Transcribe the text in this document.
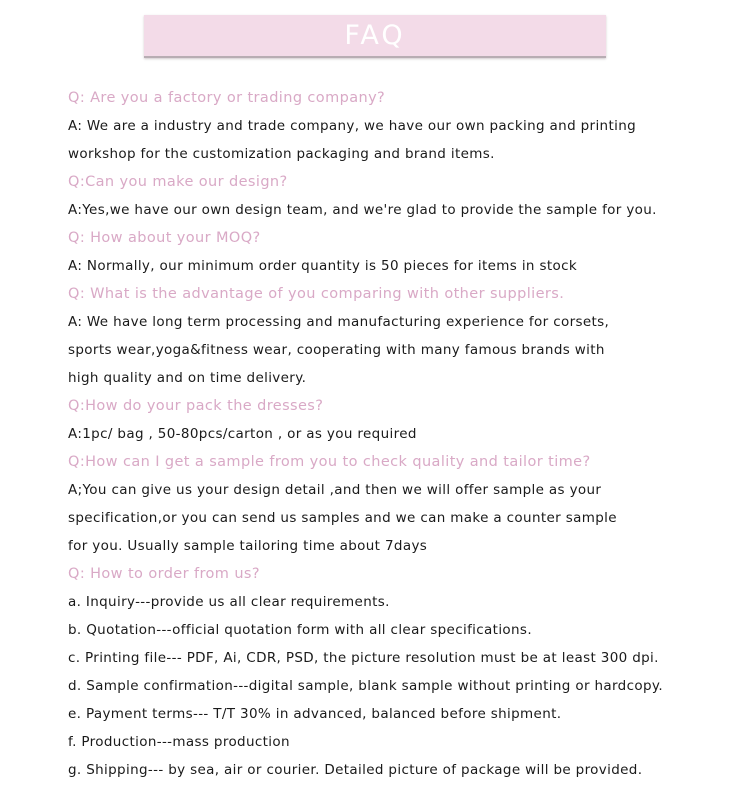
FAQ
Q: Are you a factory or trading company?
A: We are a industry and trade company, we have our own packing and printing
workshop for the customization packaging and brand items.
Q:Can you make our design?
A:Yes,we have our own design team, and we're glad to provide the sample for you.
Q: How about your MOQ?
A: Normally, our minimum order quantity is 50 pieces for items in stock
Q: What is the advantage of you comparing with other suppliers.
A: We have long term processing and manufacturing experience for corsets,
sports wear,yoga&fitness wear, cooperating with many famous brands with
high quality and on time delivery.
Q:How do your pack the dresses?
A:1pc/ bag , 50-80pcs/carton , or as you required
Q:How can I get a sample from you to check quality and tailor time?
A;You can give us your design detail ,and then we will offer sample as your
specification,or you can send us samples and we can make a counter sample
for you. Usually sample tailoring time about 7days
Q: How to order from us?
a. Inquiry---provide us all clear requirements.
b. Quotation---official quotation form with all clear specifications.
c. Printing file--- PDF, Ai, CDR, PSD, the picture resolution must be at least 300 dpi.
d. Sample confirmation---digital sample, blank sample without printing or hardcopy.
e. Payment terms--- T/T 30% in advanced, balanced before shipment.
f. Production---mass production
g. Shipping--- by sea, air or courier. Detailed picture of package will be provided.
